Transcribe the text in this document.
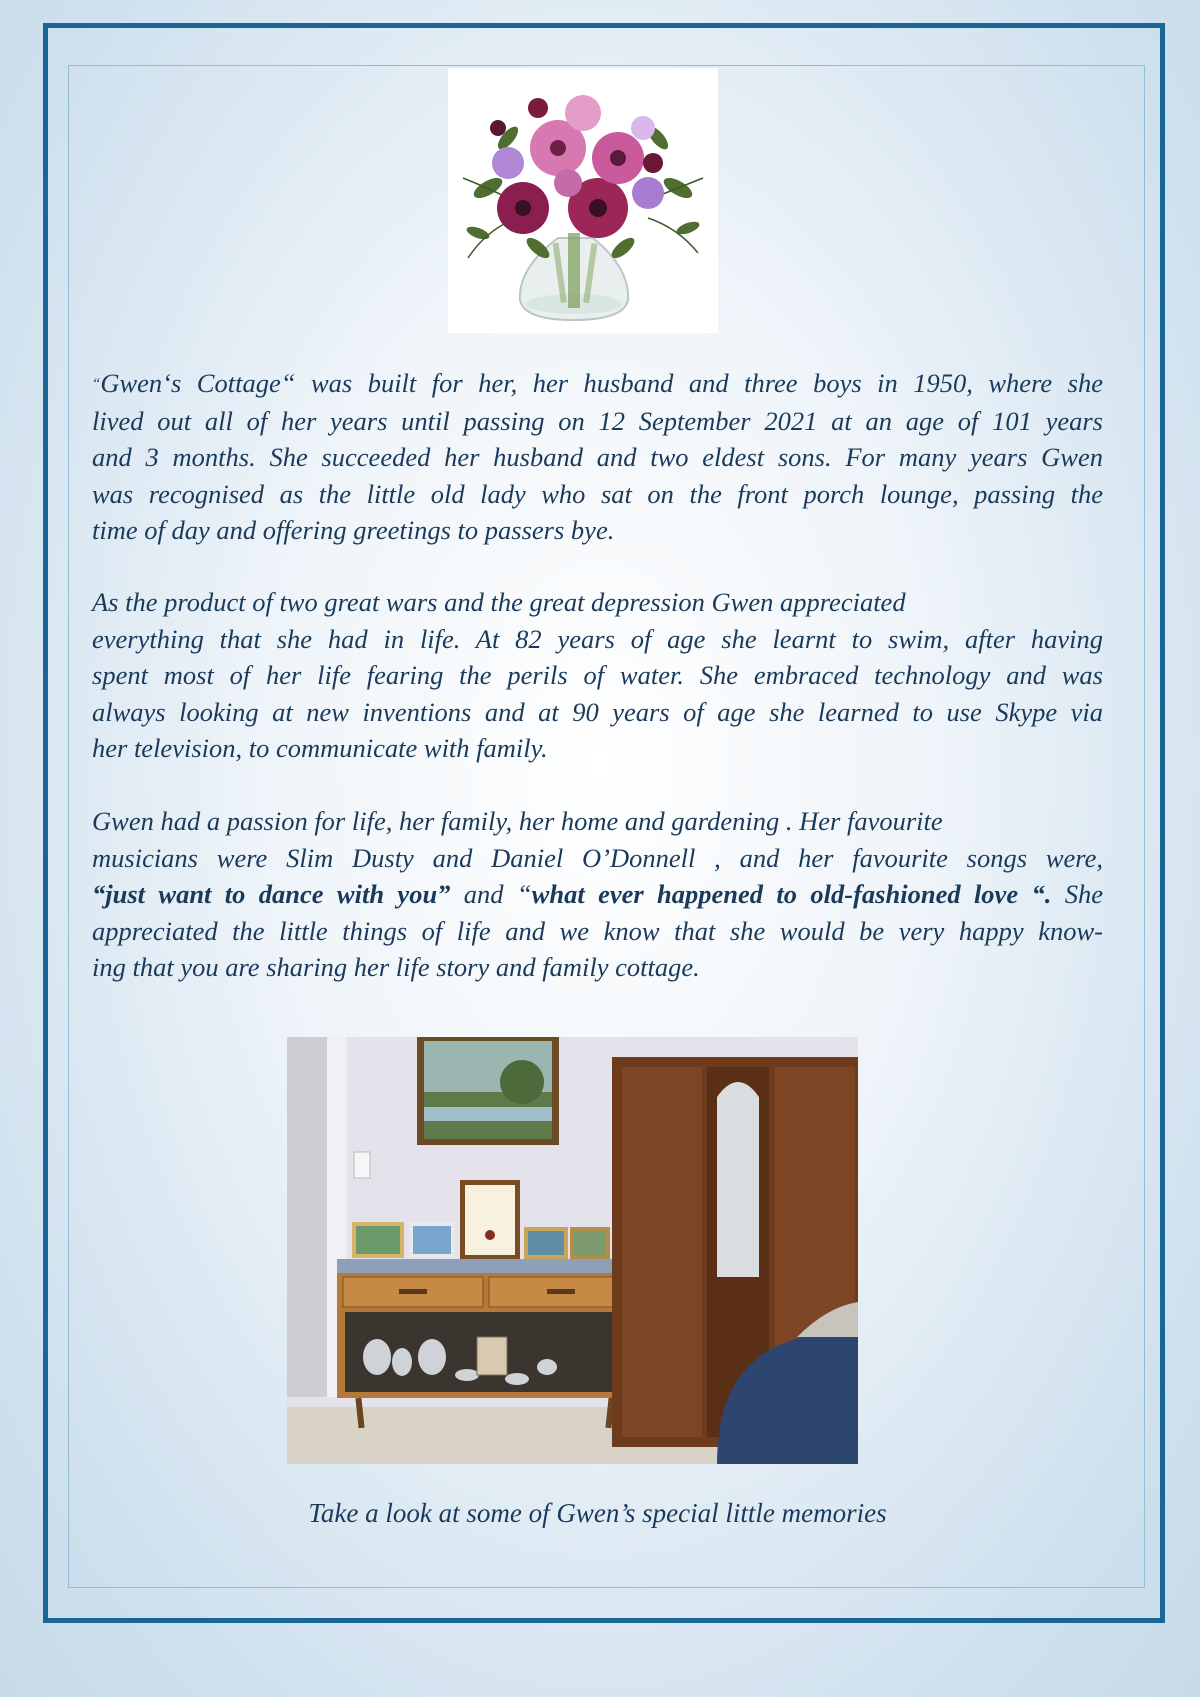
“Gwen‘s Cottage“ was built for her, her husband and three boys in 1950, where she
lived out all of her years until passing on 12 September 2021 at an age of 101 years
and 3 months. She succeeded her husband and two eldest sons. For many years Gwen
was recognised as the little old lady who sat on the front porch lounge, passing the
time of day and offering greetings to passers bye.

As the product of two great wars and the great depression Gwen appreciated
everything that she had in life. At 82 years of age she learnt to swim, after having
spent most of her life fearing the perils of water. She embraced technology and was
always looking at new inventions and at 90 years of age she learned to use Skype via
her television, to communicate with family.

Gwen had a passion for life, her family, her home and gardening . Her favourite
musicians were Slim Dusty and Daniel O’Donnell , and her favourite songs were,
“just want to dance with you” and “what ever happened to old-fashioned love “. She
appreciated the little things of life and we know that she would be very happy know-
ing that you are sharing her life story and family cottage.

Take a look at some of Gwen’s special little memories
